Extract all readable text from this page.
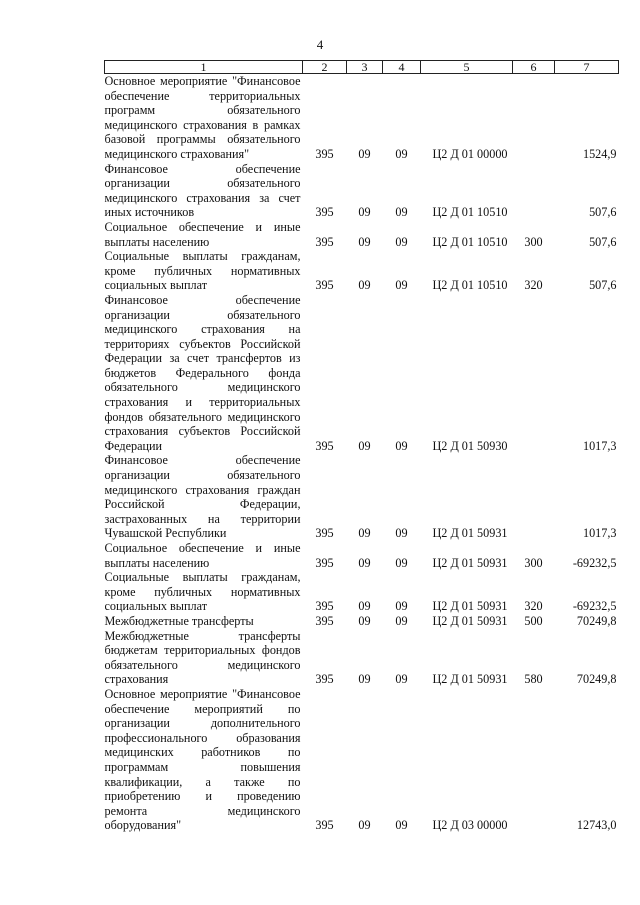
4
1	2	3	4	5	6	7
Основное мероприятие "Финансовое обеспечение территориальных программ обязательного медицинского страхования в рамках базовой программы обязательного медицинского страхования"	395	09	09	Ц2 Д 01 00000		1524,9
Финансовое обеспечение организации обязательного медицинского страхования за счет иных источников	395	09	09	Ц2 Д 01 10510		507,6
Социальное обеспечение и иные выплаты населению	395	09	09	Ц2 Д 01 10510	300	507,6
Социальные выплаты гражданам, кроме публичных нормативных социальных выплат	395	09	09	Ц2 Д 01 10510	320	507,6
Финансовое обеспечение организации обязательного медицинского страхования на территориях субъектов Российской Федерации за счет трансфертов из бюджетов Федерального фонда обязательного медицинского страхования и территориальных фондов обязательного медицинского страхования субъектов Российской Федерации	395	09	09	Ц2 Д 01 50930		1017,3
Финансовое обеспечение организации обязательного медицинского страхования граждан Российской Федерации, застрахованных на территории Чувашской Республики	395	09	09	Ц2 Д 01 50931		1017,3
Социальное обеспечение и иные выплаты населению	395	09	09	Ц2 Д 01 50931	300	-69232,5
Социальные выплаты гражданам, кроме публичных нормативных социальных выплат	395	09	09	Ц2 Д 01 50931	320	-69232,5
Межбюджетные трансферты	395	09	09	Ц2 Д 01 50931	500	70249,8
Межбюджетные трансферты бюджетам территориальных фондов обязательного медицинского страхования	395	09	09	Ц2 Д 01 50931	580	70249,8
Основное мероприятие "Финансовое обеспечение мероприятий по организации дополнительного профессионального образования медицинских работников по программам повышения квалификации, а также по приобретению и проведению ремонта медицинского оборудования"	395	09	09	Ц2 Д 03 00000		12743,0
